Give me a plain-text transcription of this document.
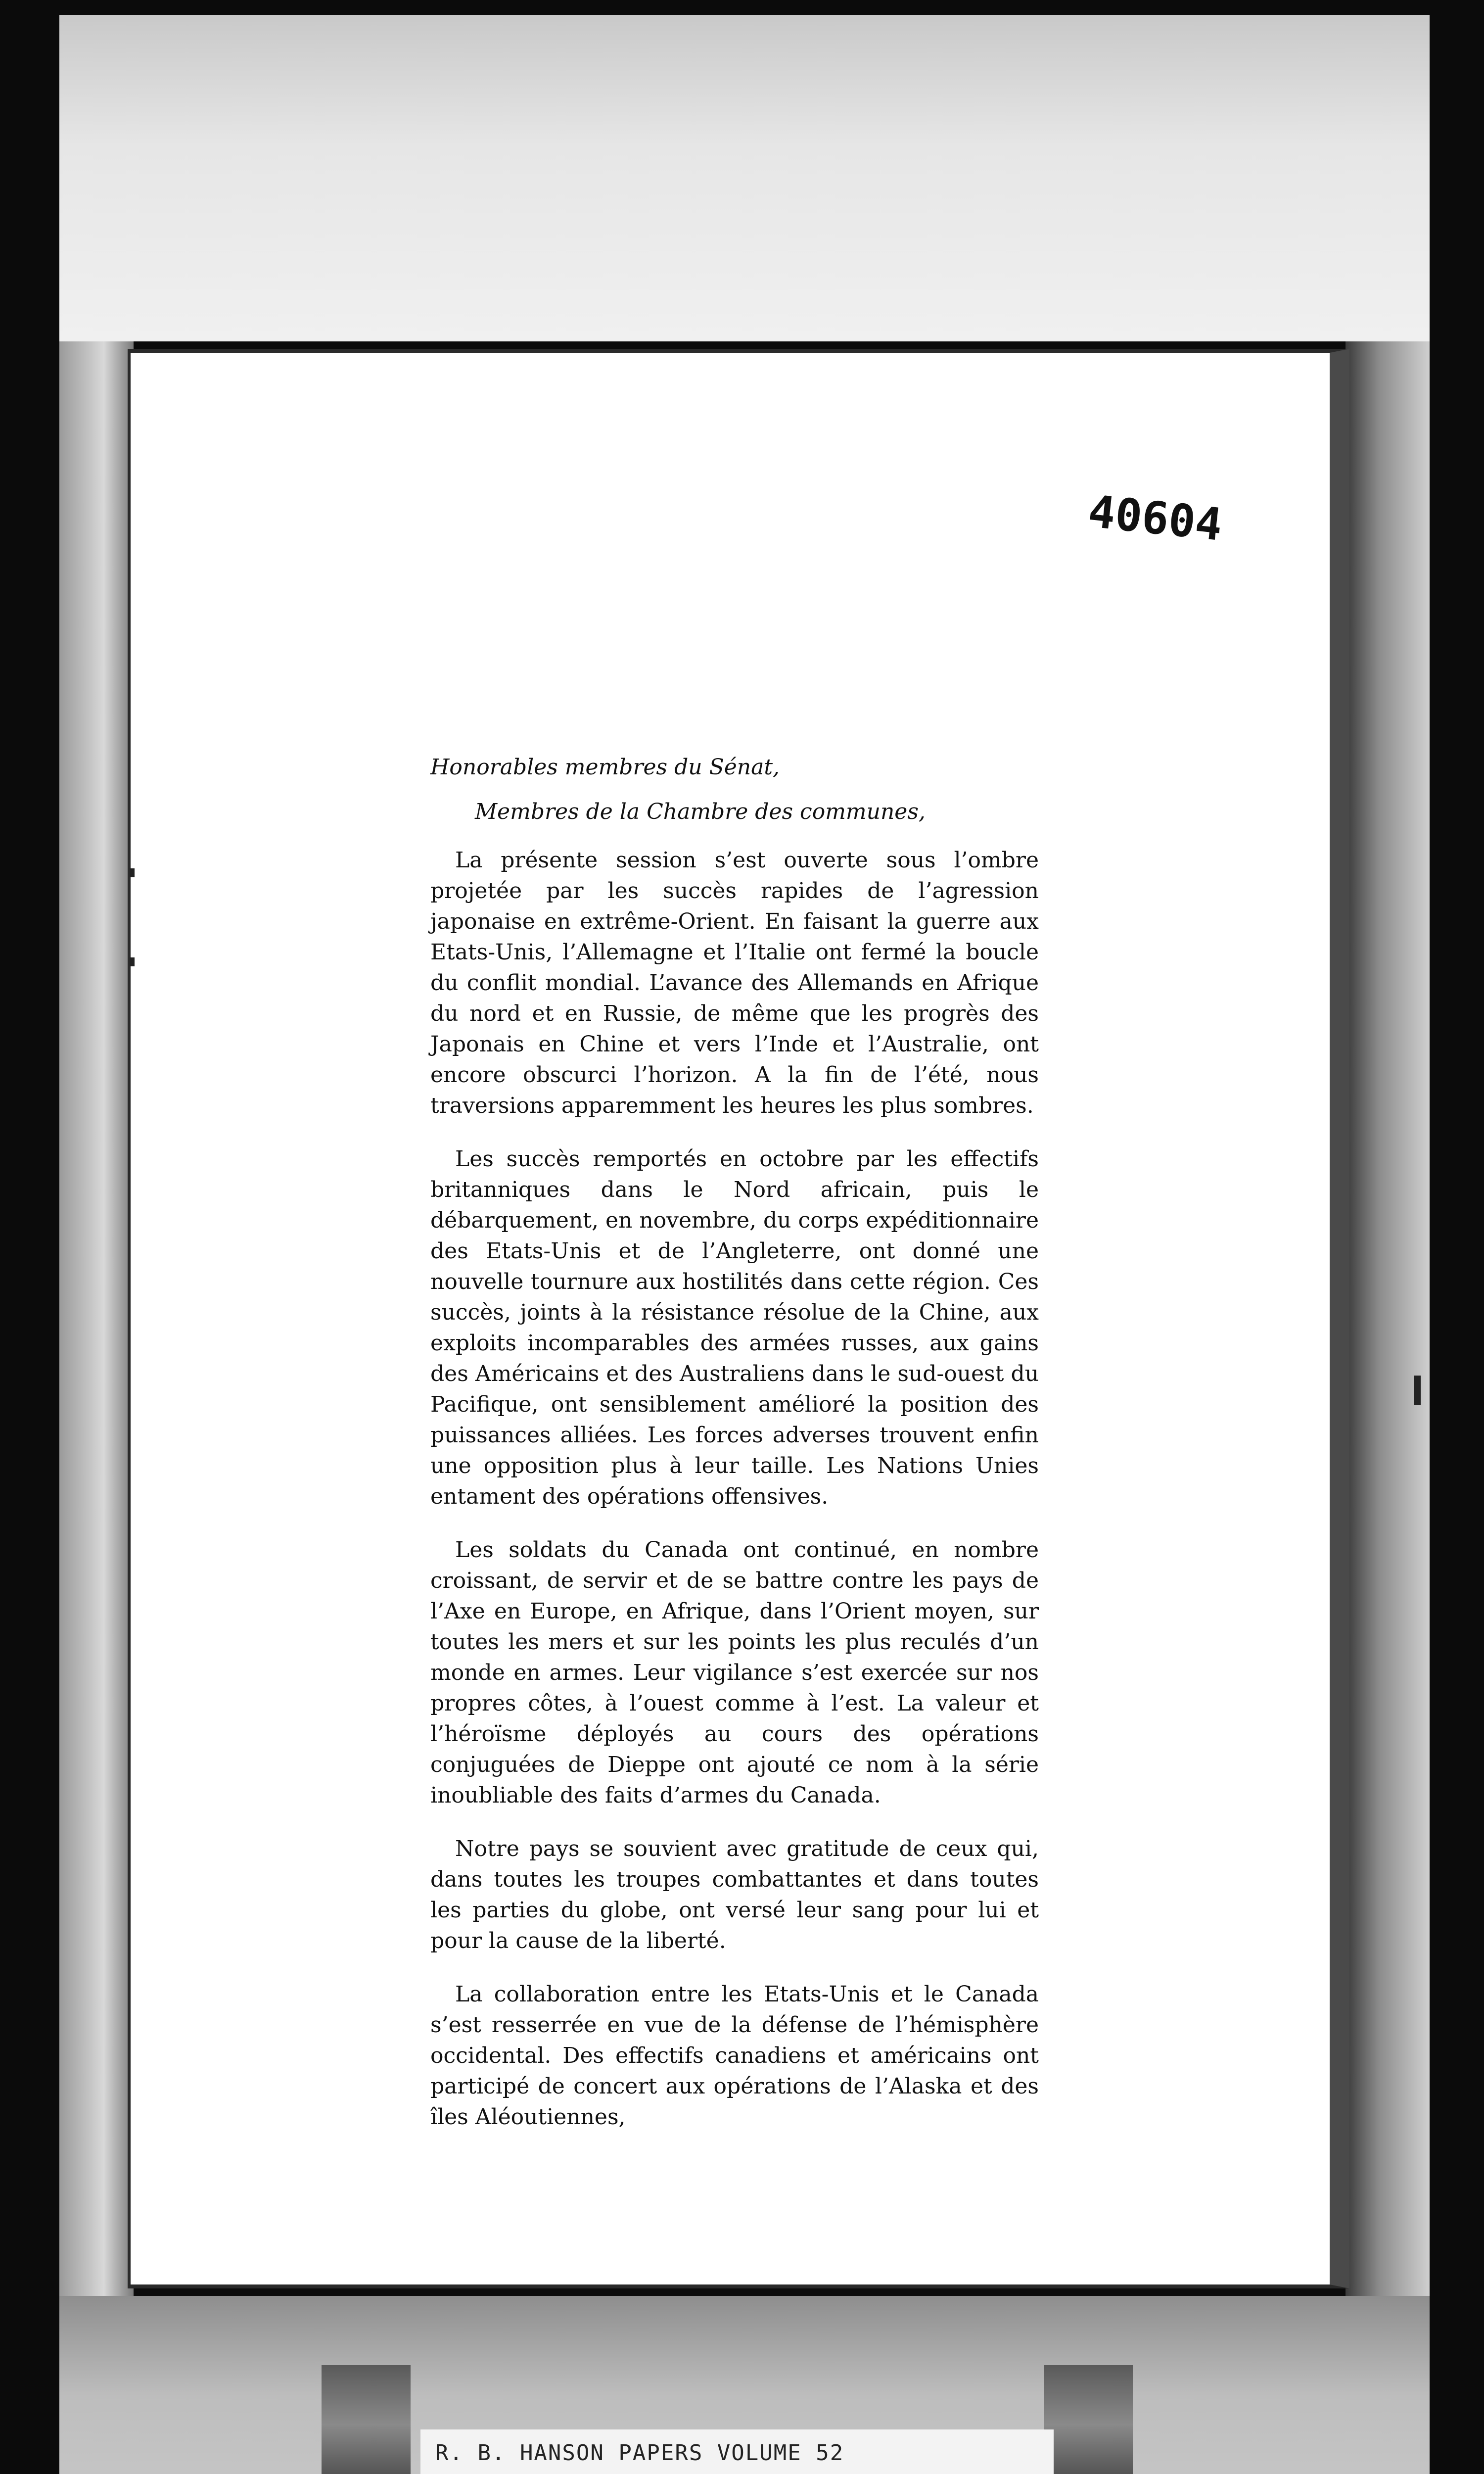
40604

Honorables membres du Sénat,

Membres de la Chambre des communes,

La présente session s’est ouverte sous l’ombre projetée par les succès rapides de l’agression japonaise en extrême-Orient. En faisant la guerre aux Etats-Unis, l’Allemagne et l’Italie ont fermé la boucle du conflit mondial. L’avance des Allemands en Afrique du nord et en Russie, de même que les progrès des Japonais en Chine et vers l’Inde et l’Australie, ont encore obscurci l’horizon. A la fin de l’été, nous traversions apparemment les heures les plus sombres.

Les succès remportés en octobre par les effectifs britanniques dans le Nord africain, puis le débarquement, en novembre, du corps expéditionnaire des Etats-Unis et de l’Angleterre, ont donné une nouvelle tournure aux hostilités dans cette région. Ces succès, joints à la résistance résolue de la Chine, aux exploits incomparables des armées russes, aux gains des Américains et des Australiens dans le sud-ouest du Pacifique, ont sensiblement amélioré la position des puissances alliées. Les forces adverses trouvent enfin une opposition plus à leur taille. Les Nations Unies entament des opérations offensives.

Les soldats du Canada ont continué, en nombre croissant, de servir et de se battre contre les pays de l’Axe en Europe, en Afrique, dans l’Orient moyen, sur toutes les mers et sur les points les plus reculés d’un monde en armes. Leur vigilance s’est exercée sur nos propres côtes, à l’ouest comme à l’est. La valeur et l’héroïsme déployés au cours des opérations conjuguées de Dieppe ont ajouté ce nom à la série inoubliable des faits d’armes du Canada.

Notre pays se souvient avec gratitude de ceux qui, dans toutes les troupes combattantes et dans toutes les parties du globe, ont versé leur sang pour lui et pour la cause de la liberté.

La collaboration entre les Etats-Unis et le Canada s’est resserrée en vue de la défense de l’hémisphère occidental. Des effectifs canadiens et américains ont participé de concert aux opérations de l’Alaska et des îles Aléoutiennes,

R. B. HANSON PAPERS VOLUME 52
